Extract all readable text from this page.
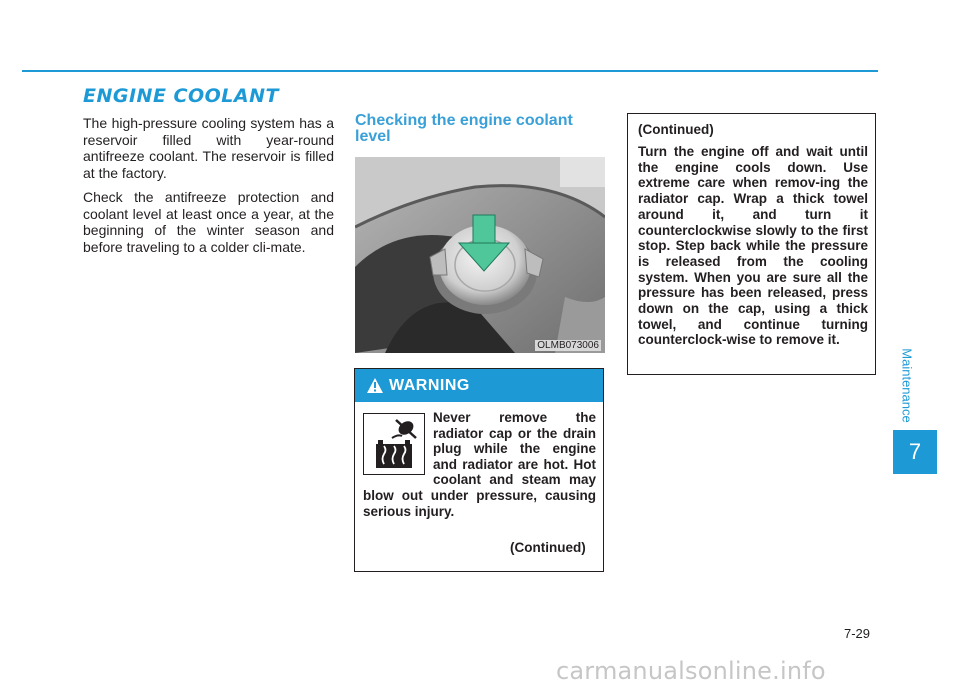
ENGINE COOLANT

The high-pressure cooling system has a reservoir filled with year-round antifreeze coolant. The reservoir is filled at the factory.

Check the antifreeze protection and coolant level at least once a year, at the beginning of the winter season and before traveling to a colder cli-mate.

Checking the engine coolant level
OLMB073006
WARNING

Never remove the radiator cap or the drain plug while the engine and radiator are hot. Hot coolant and steam may blow out under pressure, causing serious injury.

(Continued)
(Continued)

Turn the engine off and wait until the engine cools down. Use extreme care when remov-ing the radiator cap. Wrap a thick towel around it, and turn it counterclockwise slowly to the first stop. Step back while the pressure is released from the cooling system. When you are sure all the pressure has been released, press down on the cap, using a thick towel, and continue turning counterclock-wise to remove it.

Maintenance
7
7-29
carmanualsonline.info
